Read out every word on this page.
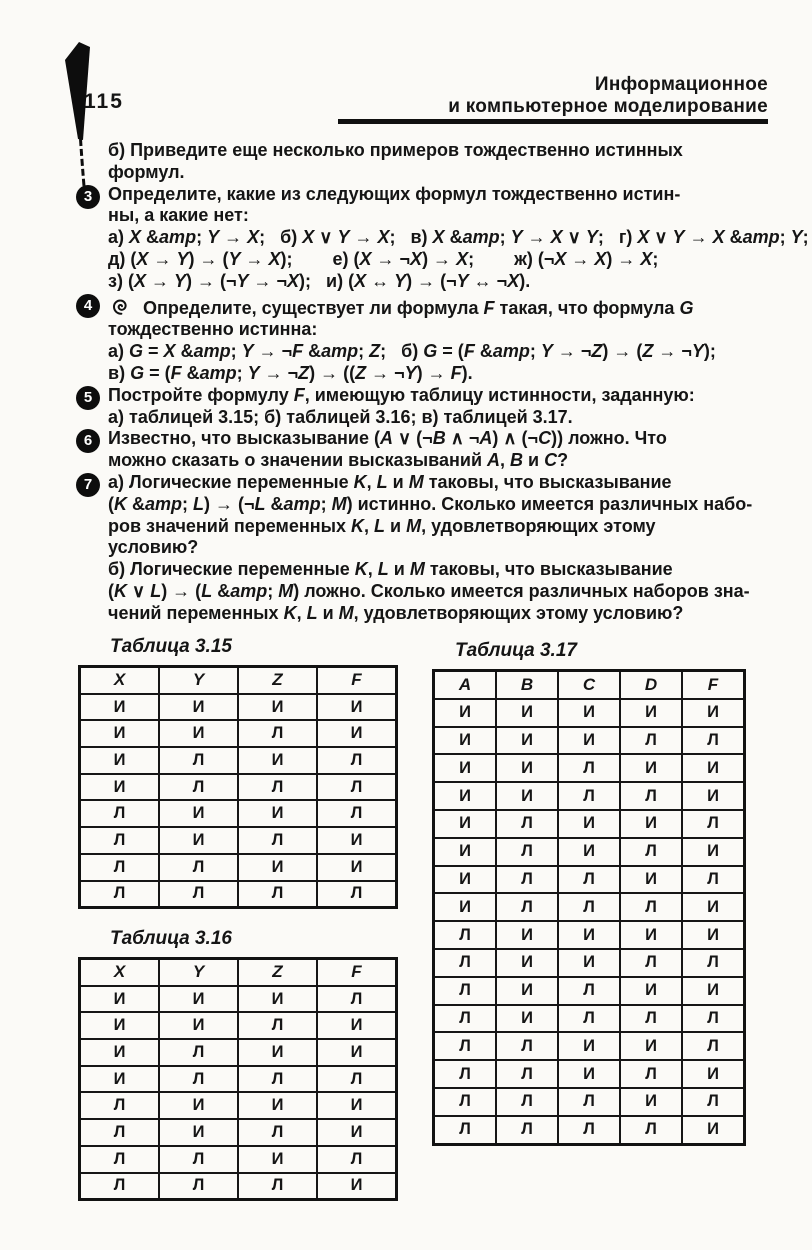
115
Информационное
и компьютерное моделирование
б) Приведите еще несколько примеров тождественно истинных
формул.
3 Определите, какие из следующих формул тождественно истин-
ны, а какие нет:
а) X &amp; Y → X;   б) X ∨ Y → X;   в) X &amp; Y → X ∨ Y;   г) X ∨ Y → X &amp; Y;
д) (X → Y) → (Y → X);        е) (X → ¬X) → X;        ж) (¬X → X) → X;
з) (X → Y) → (¬Y → ¬X);   и) (X ↔ Y) → (¬Y ↔ ¬X).
4	Определите, существует ли формула F такая, что формула G
тождественно истинна:
а) G = X &amp; Y → ¬F &amp; Z;   б) G = (F &amp; Y → ¬Z) → (Z → ¬Y);
в) G = (F &amp; Y → ¬Z) → ((Z → ¬Y) → F).
5 Постройте формулу F, имеющую таблицу истинности, заданную:
а) таблицей 3.15; б) таблицей 3.16; в) таблицей 3.17.
6 Известно, что высказывание (A ∨ (¬B ∧ ¬A) ∧ (¬C)) ложно. Что
можно сказать о значении высказываний A, B и C?
7 а) Логические переменные K, L и M таковы, что высказывание
(K &amp; L) → (¬L &amp; M) истинно. Сколько имеется различных набо-
ров значений переменных K, L и M, удовлетворяющих этому
условию?
б) Логические переменные K, L и M таковы, что высказывание
(K ∨ L) → (L &amp; M) ложно. Сколько имеется различных наборов зна-
чений переменных K, L и M, удовлетворяющих этому условию?
Таблица 3.15
X	Y	Z	F
И	И	И	И
И	И	Л	И
И	Л	И	Л
И	Л	Л	Л
Л	И	И	Л
Л	И	Л	И
Л	Л	И	И
Л	Л	Л	Л
Таблица 3.16
X	Y	Z	F
И	И	И	Л
И	И	Л	И
И	Л	И	И
И	Л	Л	Л
Л	И	И	И
Л	И	Л	И
Л	Л	И	Л
Л	Л	Л	И
Таблица 3.17
A	B	C	D	F
И	И	И	И	И
И	И	И	Л	Л
И	И	Л	И	И
И	И	Л	Л	И
И	Л	И	И	Л
И	Л	И	Л	И
И	Л	Л	И	Л
И	Л	Л	Л	И
Л	И	И	И	И
Л	И	И	Л	Л
Л	И	Л	И	И
Л	И	Л	Л	Л
Л	Л	И	И	Л
Л	Л	И	Л	И
Л	Л	Л	И	Л
Л	Л	Л	Л	И
